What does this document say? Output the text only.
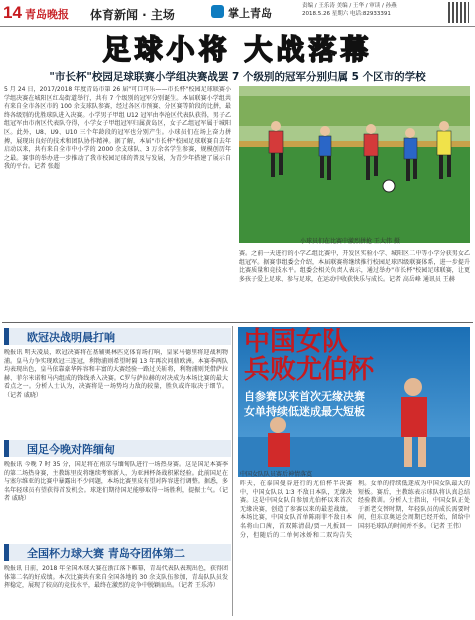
14 青岛晚报 体育新闻 · 主场	掌上青岛
责编 / 王乐涛 美编 / 王华 / 审读 / 孙燕
2018.5.26 星期六 电话:82933391
足球小将 大战落幕
"市长杯"校园足球联赛小学组决赛战罢 7 个级别的冠军分别归属 5 个区市的学校
5 月 24 日，2017/2018 年度青岛市第 26 届"可口可乐——市长杯"校园足球联赛小学组决赛在城阳区红岛街道举行，共有 7 个级别的冠军分别诞生。本届联赛小学组共有来自全市各区市的 100 余支球队参赛，经过各区市预赛、分区赛等阶段的比拼，最终各级别的优胜球队进入决赛。小学男子甲组 U12 冠军由李沧区代表队获得，男子乙组冠军由市南区代表队夺得，小学女子甲组冠军归属黄岛区，女子乙组冠军属于城阳区。此外，U8、U9、U10 三个年龄段的冠军也分别产生。小球员们在场上奋力拼搏，展现出良好的技术和团队协作精神。据了解，本届"市长杯"校园足球联赛自去年启动以来，共有来自全市中小学的 2000 余支球队、3 万余名学生参赛，规模创历年之最。赛事的举办进一步推动了我市校园足球的普及与发展，为青少年搭建了展示自我的平台。记者 张超
小球员们在比赛中激烈拼抢 王大伟 摄
赛。之前一天进行的小学乙组比赛中，开发区实验小学、城阳区二中等小学分获男女乙组冠军。据赛事组委会介绍，本届联赛将继续推行校园足球四级联赛体系，进一步提升比赛质量和竞技水平。组委会相关负责人表示，通过举办"市长杯"校园足球联赛，让更多孩子爱上足球、参与足球，在运动中收获快乐与成长。记者 高岳峰 通讯员 王赫
欧冠决战明晨打响
晚报讯 明天凌晨，欧冠决赛将在基辅奥林匹克体育场打响，皇家马德里将迎战利物浦。皇马力争实现欧冠三连冠，利物浦则希望时隔 13 年再次问鼎欧洲。本赛季两队均表现出色，皇马依靠豪华阵容和丰富的大赛经验一路过关斩将，利物浦则凭借萨拉赫、菲尔米诺和马内组成的锋线杀入决赛。C罗与萨拉赫的对决成为本场比赛的最大看点之一。分析人士认为，决赛将是一场势均力敌的较量，胜负或许取决于细节。（记者 戚晓）
国足今晚对阵缅甸
晚报讯 今晚 7 时 35 分，国足将在南京与缅甸队进行一场热身赛。这是国足本赛季的第二场热身赛，主教练里皮将继续考察新人，为亚洲杯备战积累经验。此前国足在与塞尔维亚的比赛中暴露出不少问题，本场比赛里皮有望对阵容进行调整。据悉，多名年轻球员有望获得首发机会。球迷们期待国足能够取得一场胜利，提振士气。（记者 戚晓）
全国杯力球大赛 青岛夺团体第二
晚报讯 日前，2018 年全国木球大赛在浙江落下帷幕，青岛代表队表现出色，获得团体第二名的好成绩。本次比赛共有来自全国各地的 30 余支队伍参加，青岛队队员发挥稳定，展现了较高的竞技水平，最终在激烈的竞争中脱颖而出。（记者 王乐涛）
中国女队
兵败尤伯杯
自参赛以来首次无缘决赛
女单持续低迷成最大短板
中国女队队员赛后神情落寞
昨天，在泰国曼谷进行的尤伯杯半决赛中，中国女队以 1∶3 不敌日本队，无缘决赛。这是中国女队自参加尤伯杯以来首次无缘决赛，创造了参赛以来的最差战绩。本场比赛，中国女队首单陈雨菲不敌日本名将山口茜，首双陈清晨/贾一凡扳回一分，但随后的二单何冰娇和二双均告失利。女单的持续低迷成为中国女队最大的短板。赛后，主教练表示球队将认真总结经验教训。分析人士指出，中国女队正处于新老交替时期，年轻队员的成长需要时间，但东京奥运会周期已经开始，留给中国羽毛球队的时间并不多。（记者 王伟）
